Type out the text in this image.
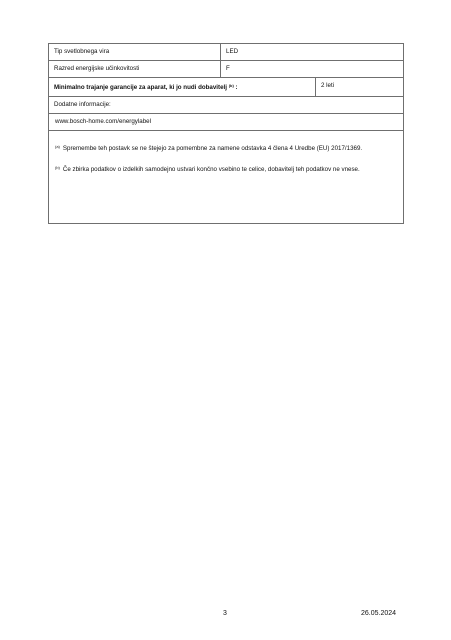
Tip svetlobnega vira	LED
Razred energijske učinkovitosti	F
Minimalno trajanje garancije za aparat, ki jo nudi dobavitelj $^{(b)}$ :	2 leti
Dodatne informacije:
www.bosch-home.com/energylabel
$^{(a)}$ Spremembe teh postavk se ne štejejo za pomembne za namene odstavka 4 člena 4 Uredbe (EU) 2017/1369.
$^{(b)}$ Če zbirka podatkov o izdelkih samodejno ustvari končno vsebino te celice, dobavitelj teh podatkov ne vnese.
3	26.05.2024
